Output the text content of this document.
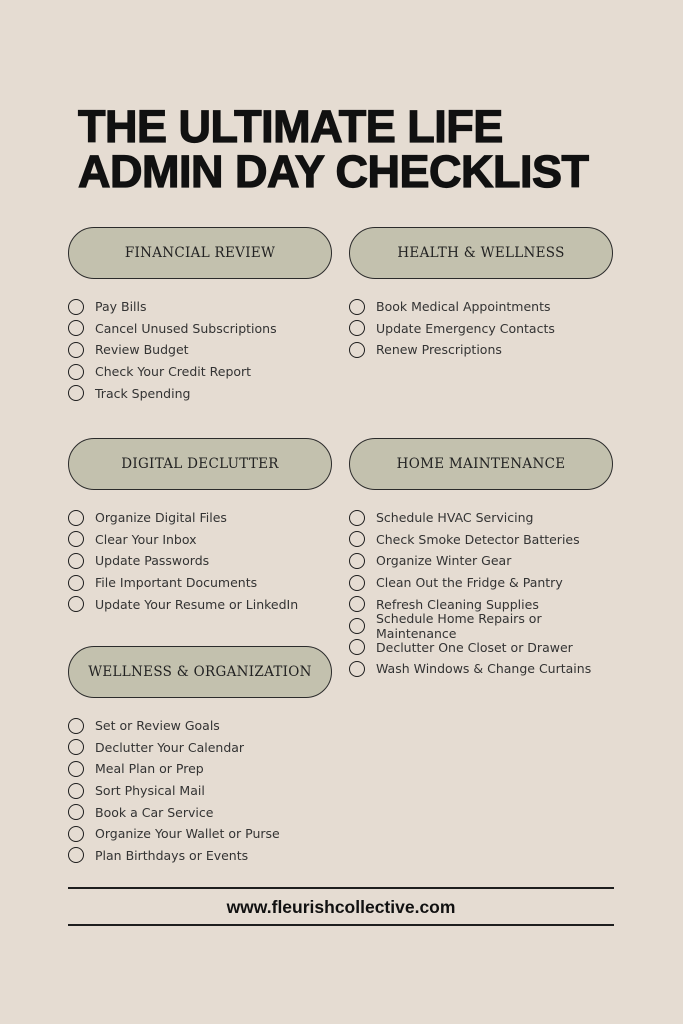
THE ULTIMATE LIFE
ADMIN DAY CHECKLIST
FINANCIAL REVIEW
Pay Bills
Cancel Unused Subscriptions
Review Budget
Check Your Credit Report
Track Spending
HEALTH & WELLNESS
Book Medical Appointments
Update Emergency Contacts
Renew Prescriptions
DIGITAL DECLUTTER
Organize Digital Files
Clear Your Inbox
Update Passwords
File Important Documents
Update Your Resume or LinkedIn
HOME MAINTENANCE
Schedule HVAC Servicing
Check Smoke Detector Batteries
Organize Winter Gear
Clean Out the Fridge & Pantry
Refresh Cleaning Supplies
Schedule Home Repairs or Maintenance
Declutter One Closet or Drawer
Wash Windows & Change Curtains
WELLNESS & ORGANIZATION
Set or Review Goals
Declutter Your Calendar
Meal Plan or Prep
Sort Physical Mail
Book a Car Service
Organize Your Wallet or Purse
Plan Birthdays or Events
www.fleurishcollective.com
